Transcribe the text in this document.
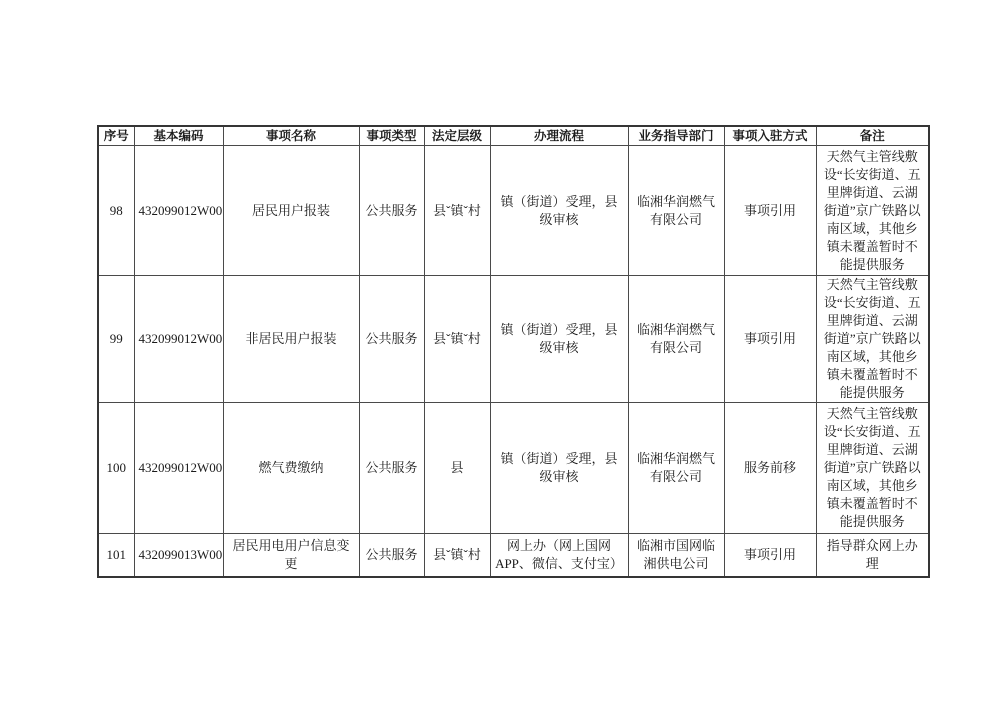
序号	基本编码	事项名称	事项类型	法定层级	办理流程	业务指导部门	事项入驻方式	备注
98	432099012W00	居民用户报装	公共服务	县ˇ镇ˇ村	镇（街道）受理，县级审核	临湘华润燃气有限公司	事项引用	天然气主管线敷设“长安街道、五里牌街道、云湖街道”京广铁路以南区域，其他乡镇未覆盖暂时不能提供服务
99	432099012W00	非居民用户报装	公共服务	县ˇ镇ˇ村	镇（街道）受理，县级审核	临湘华润燃气有限公司	事项引用	天然气主管线敷设“长安街道、五里牌街道、云湖街道”京广铁路以南区域，其他乡镇未覆盖暂时不能提供服务
100	432099012W00	燃气费缴纳	公共服务	县	镇（街道）受理，县级审核	临湘华润燃气有限公司	服务前移	天然气主管线敷设“长安街道、五里牌街道、云湖街道”京广铁路以南区域，其他乡镇未覆盖暂时不能提供服务
101	432099013W00	居民用电用户信息变更	公共服务	县ˇ镇ˇ村	网上办（网上国网 APP、微信、支付宝）	临湘市国网临湘供电公司	事项引用	指导群众网上办理
